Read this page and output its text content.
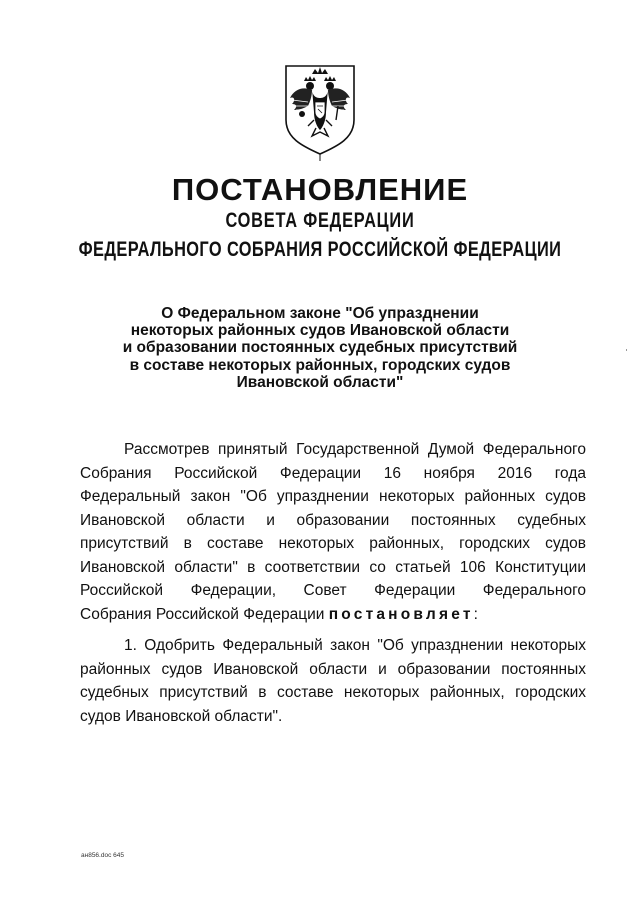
ПОСТАНОВЛЕНИЕ
СОВЕТА ФЕДЕРАЦИИ
ФЕДЕРАЛЬНОГО СОБРАНИЯ РОССИЙСКОЙ ФЕДЕРАЦИИ
О Федеральном законе "Об упразднении
некоторых районных судов Ивановской области
и образовании постоянных судебных присутствий
в составе некоторых районных, городских судов
Ивановской области"
Рассмотрев принятый Государственной Думой Федерального
Собрания Российской Федерации 16 ноября 2016 года
Федеральный закон "Об упразднении некоторых районных судов
Ивановской области и образовании постоянных судебных
присутствий в составе некоторых районных, городских судов
Ивановской области" в соответствии со статьей 106 Конституции
Российской Федерации, Совет Федерации Федерального
Собрания Российской Федерации постановляет:
1. Одобрить Федеральный закон "Об упразднении некоторых
районных судов Ивановской области и образовании постоянных
судебных присутствий в составе некоторых районных, городских
судов Ивановской области".
ан856.doc 645
